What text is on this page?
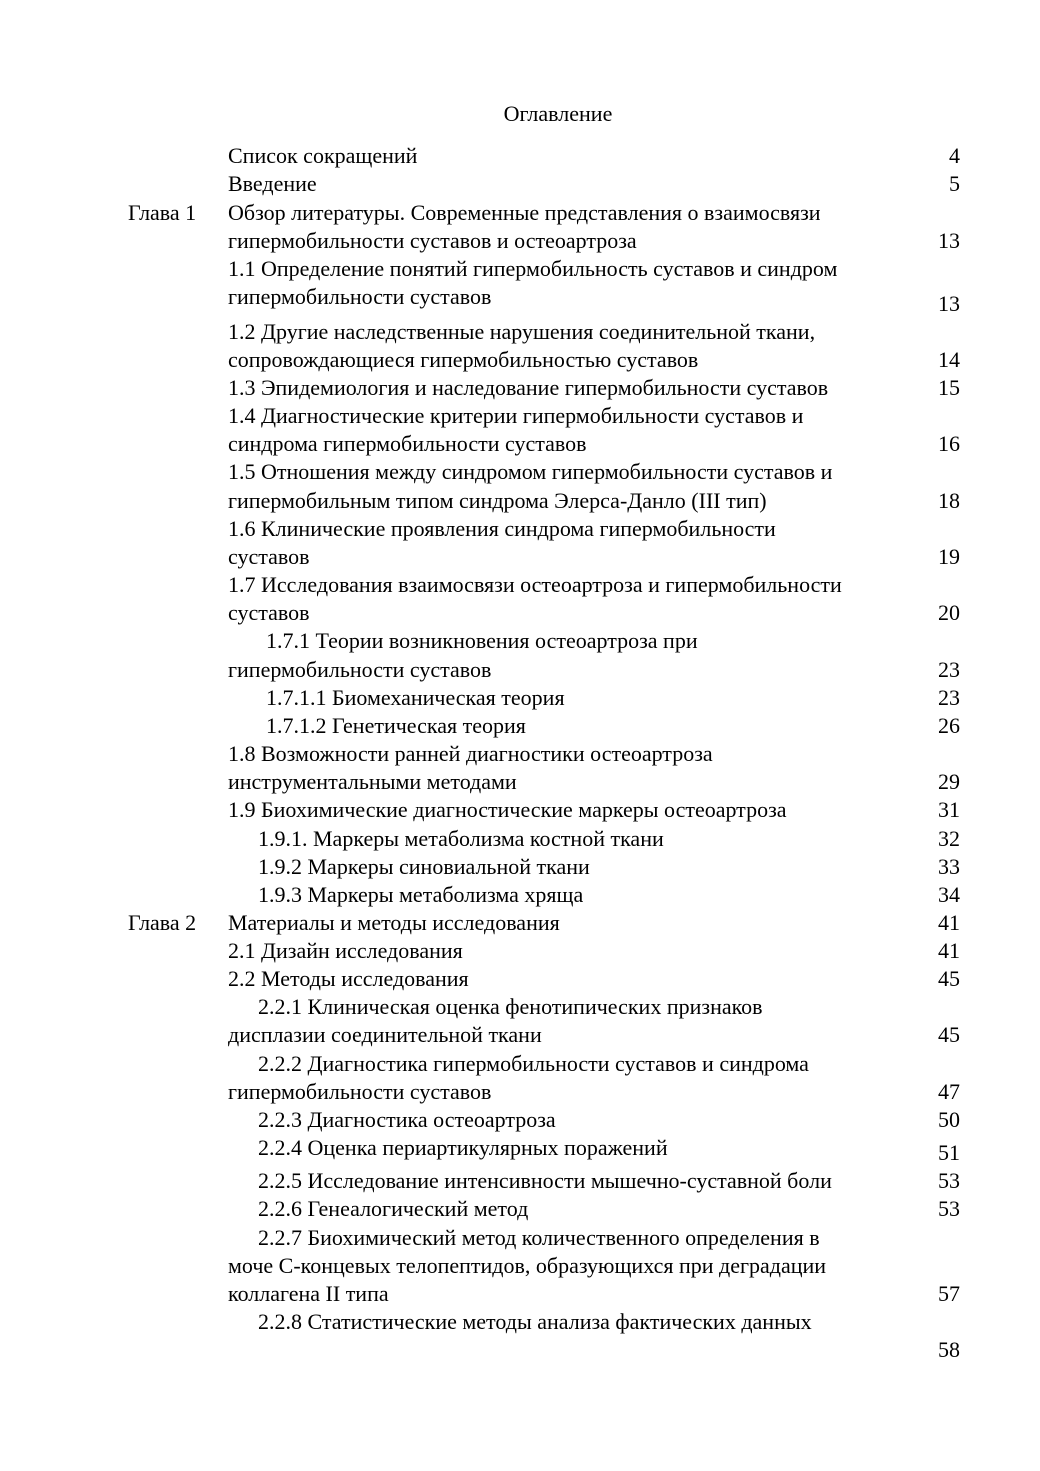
Оглавление
Список сокращений	4
Введение	5
Глава 1 Обзор литературы. Современные представления о взаимосвязи
гипермобильности суставов и остеоартроза	13
1.1 Определение понятий гипермобильность суставов и синдром
гипермобильности суставов	13
1.2 Другие наследственные нарушения соединительной ткани,
сопровождающиеся гипермобильностью суставов	14
1.3 Эпидемиология и наследование гипермобильности суставов	15
1.4 Диагностические критерии гипермобильности суставов и
синдрома гипермобильности суставов	16
1.5 Отношения между синдромом гипермобильности суставов и
гипермобильным типом синдрома Элерса-Данло (III тип)	18
1.6 Клинические проявления синдрома гипермобильности
суставов	19
1.7 Исследования взаимосвязи остеоартроза и гипермобильности
суставов	20
1.7.1 Теории возникновения остеоартроза при
гипермобильности суставов	23
1.7.1.1 Биомеханическая теория	23
1.7.1.2 Генетическая теория	26
1.8 Возможности ранней диагностики остеоартроза
инструментальными методами	29
1.9 Биохимические диагностические маркеры остеоартроза	31
1.9.1. Маркеры метаболизма костной ткани	32
1.9.2 Маркеры синовиальной ткани	33
1.9.3 Маркеры метаболизма хряща	34
Глава 2 Материалы и методы исследования	41
2.1 Дизайн исследования	41
2.2 Методы исследования	45
2.2.1 Клиническая оценка фенотипических признаков
дисплазии соединительной ткани	45
2.2.2 Диагностика гипермобильности суставов и синдрома
гипермобильности суставов	47
2.2.3 Диагностика остеоартроза	50
2.2.4 Оценка периартикулярных поражений	51
2.2.5 Исследование интенсивности мышечно-суставной боли	53
2.2.6 Генеалогический метод	53
2.2.7 Биохимический метод количественного определения в
моче С-концевых телопептидов, образующихся при деградации
коллагена II типа	57
2.2.8 Статистические методы анализа фактических данных
58
